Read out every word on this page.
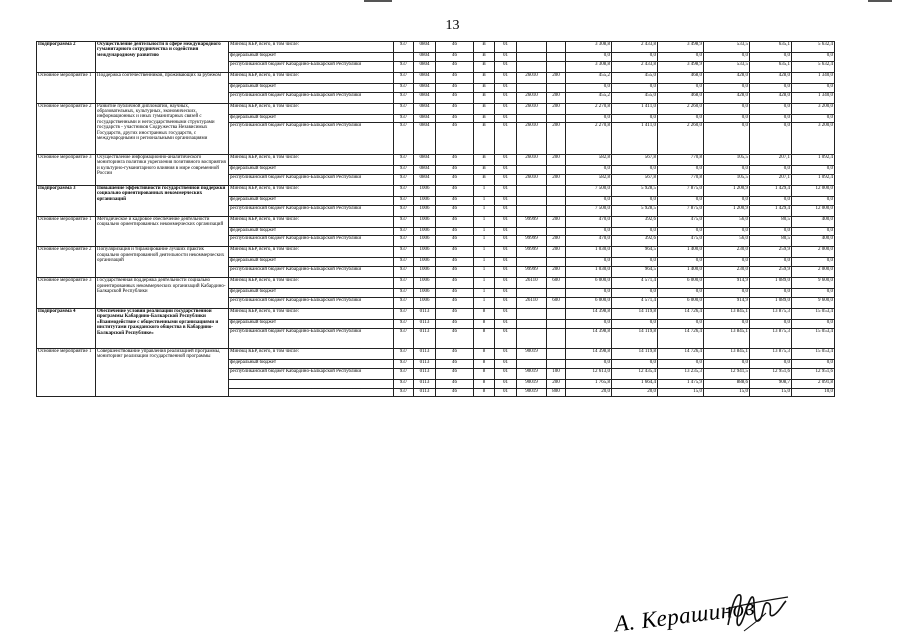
13
Подпрограмма 2	Осуществление деятельности в сфере международного гуманитарного сотрудничества и содействия международному развитию	Минэкц КБР, всего, в том числе:	937	0804	46	В	01			3 308,8	2 433,8	3 498,9	533,5	635,1	5 632,4
		федеральный бюджет		0804	46	В	01			0,0	0,0	0,0	0,0	0,0	0,0
		республиканский бюджет Кабардино-Балкарской Республики	937	0804	46	В	01			3 308,8	2 433,8	3 498,9	533,5	635,1	5 632,4
Основное мероприятие 1	Поддержка соотечественников, проживающих за рубежом	Минэкц КБР, всего, в том числе:	937	0804	46	В	01	26010	200	455,2	455,0	468,0	428,0	428,0	1 340,0
		федеральный бюджет	937	0804	46	В	01			0,0	0,0	0,0	0,0	0,0	0,0
		республиканский бюджет Кабардино-Балкарской Республики	937	0804	46	В	01	26010	200	455,2	455,0	468,0	428,0	428,0	1 340,0
Основное мероприятие 2	Развитие публичной дипломатии, научных, образовательных, культурных, экономических, информационных и иных гуманитарных связей с государственными и негосударственными структурами государств - участников Содружества Независимых Государств, других иностранных государств, с международными и региональными организациями	Минэкц КБР, всего, в том числе:	937	0804	46	В	01	26010	200	2 270,8	1 411,0	2 260,0	0,0	0,0	3 200,0
		федеральный бюджет	937	0804	46	В	01			0,0	0,0	0,0	0,0	0,0	0,0
		республиканский бюджет Кабардино-Балкарской Республики	937	0804	46	В	01	26010	200	2 270,8	1 411,0	2 260,0	0,0	0,0	3 200,0
Основное мероприятие 3	Осуществление информационно-аналитического мониторинга политики укрепления позитивного восприятия и культурно-гуманитарного влияния в мире современной России	Минэкц КБР, всего, в том числе:	937	0804	46	В	01	26010	200	582,8	567,8	770,8	105,5	207,1	1 092,4
		федеральный бюджет	937	0804	46	В	01			0,0	0,0	0,0	0,0	0,0	0,0
		республиканский бюджет Кабардино-Балкарской Республики	937	0804	46	В	01	26010	200	582,8	567,8	770,8	105,5	207,1	1 092,4
Подпрограмма 3	Повышение эффективности государственной поддержки социально ориентированных некоммерческих организаций	Минэкц КБР, всего, в том числе:	937	1006	46	1	01			7 500,0	5 928,5	7 875,0	1 200,9	1 429,4	12 000,0
		федеральный бюджет	937	1006	46	1	01			0,0	0,0	0,0	0,0	0,0	0,0
		республиканский бюджет Кабардино-Балкарской Республики	937	1006	46	1	01			7 500,0	5 928,5	7 875,0	1 200,9	1 429,4	12 000,0
Основное мероприятие 1	Методическое и кадровое обеспечение деятельности социально ориентированных некоммерческих организаций	Минэкц КБР, всего, в том числе:	937	1006	46	1	01	99999	200	470,0	392,6	475,0	56,0	80,5	400,0
		федеральный бюджет	937	1006	46	1	01			0,0	0,0	0,0	0,0	0,0	0,0
		республиканский бюджет Кабардино-Балкарской Республики	937	1006	46	1	01	99999	200	470,0	392,6	475,0	56,0	80,5	400,0
Основное мероприятие 2	Популяризация и тиражирование лучших практик социально ориентированной деятельности некоммерческих организаций	Минэкц КБР, всего, в том числе:	937	1006	46	1	01	99999	200	1 030,0	964,5	1 400,0	230,0	259,9	2 000,0
		федеральный бюджет	937	1006	46	1	01			0,0	0,0	0,0	0,0	0,0	0,0
		республиканский бюджет Кабардино-Балкарской Республики	937	1006	46	1	01	99999	200	1 030,0	964,5	1 400,0	230,0	259,9	2 000,0
Основное мероприятие 3	Государственная поддержка деятельности социально ориентированных некоммерческих организаций Кабардино-Балкарской Республики	Минэкц КБР, всего, в том числе:	937	1006	46	1	01	26110	600	6 000,0	4 571,4	6 000,0	914,9	1 089,0	9 600,0
		федеральный бюджет	937	1006	46	1	01			0,0	0,0	0,0	0,0	0,0	0,0
		республиканский бюджет Кабардино-Балкарской Республики	937	1006	46	1	01	26110	600	6 000,0	4 571,4	6 000,0	914,9	1 089,0	9 600,0
Подпрограмма 4	Обеспечение условий реализации государственной программы Кабардино-Балкарской Республики «Взаимодействие с общественными организациями и институтами гражданского общества в Кабардино-Балкарской Республике»	Минэкц КБР, всего, в том числе:	937	0113	46	8	01			14 398,8	14 119,8	14 726,4	13 845,1	13 875,3	15 053,4
		федеральный бюджет	937	0113	46	8	01			0,0	0,0	0,0	0,0	0,0	0,0
		республиканский бюджет Кабардино-Балкарской Республики	937	0113	46	8	01			14 398,8	14 119,8	14 726,4	13 845,1	13 875,3	15 053,4
Основное мероприятие 1	Совершенствование управления реализацией программы, мониторинг реализации государственной программы	Минэкц КБР, всего, в том числе:	937	0113	46	8	01	90019		14 398,8	14 119,8	14 726,4	13 845,1	13 875,3	15 053,4
		федеральный бюджет	937	0113	46	8	01			0,0	0,0	0,0	0,0	0,0	0,0
		республиканский бюджет Кабардино-Балкарской Республики	937	0113	46	8	01	90019	100	12 613,0	12 435,4	13 235,3	12 941,5	12 951,6	12 951,6
			937	0113	46	8	01	90019	200	1 765,8	1 664,4	1 475,9	888,6	908,7	2 091,8
			937	0113	46	8	01	90019	800	20,0	20,0	15,0	15,0	15,0	10,0
А. Керашинов
